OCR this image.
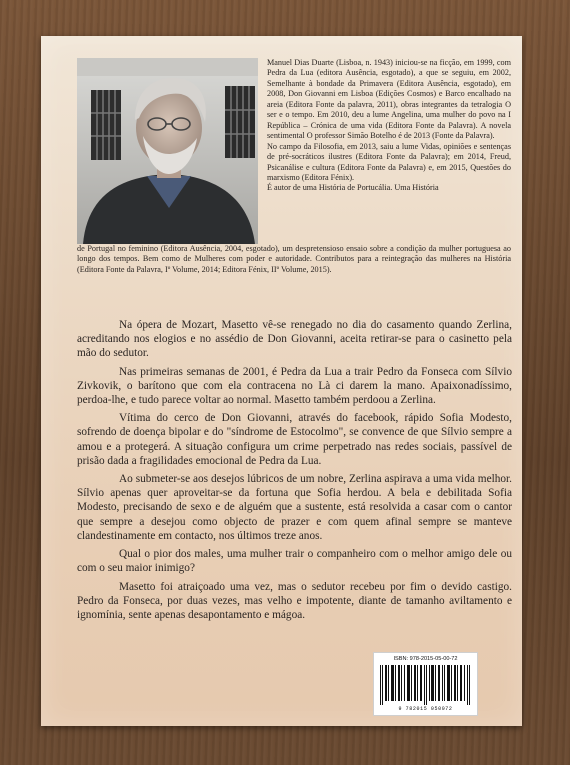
Manuel Dias Duarte (Lisboa, n. 1943) iniciou-se na ficção, em 1999, com Pedra da Lua (editora Ausência, esgotado), a que se seguiu, em 2002, Semelhante à bondade da Primavera (Editora Ausência, esgotado), em 2008, Don Giovanni em Lisboa (Edições Cosmos) e Barco encalhado na areia (Editora Fonte da palavra, 2011), obras integrantes da tetralogia O ser e o tempo. Em 2010, deu a lume Angelina, uma mulher do povo na I República – Crónica de uma vida (Editora Fonte da Palavra). A novela sentimental O professor Simão Botelho é de 2013 (Fonte da Palavra).

No campo da Filosofia, em 2013, saiu a lume Vidas, opiniões e sentenças de pré-socráticos ilustres (Editora Fonte da Palavra); em 2014, Freud, Psicanálise e cultura (Editora Fonte da Palavra) e, em 2015, Questões do marxismo (Editora Fénix).

É autor de uma História de Portucália. Uma História

de Portugal no feminino (Editora Ausência, 2004, esgotado), um despretensioso ensaio sobre a condição da mulher portuguesa ao longo dos tempos. Bem como de Mulheres com poder e autoridade. Contributos para a reintegração das mulheres na História (Editora Fonte da Palavra, Iº Volume, 2014; Editora Fénix, IIº Volume, 2015).

Na ópera de Mozart, Masetto vê-se renegado no dia do casamento quando Zerlina, acreditando nos elogios e no assédio de Don Giovanni, aceita retirar-se para o casinetto pela mão do sedutor.

Nas primeiras semanas de 2001, é Pedra da Lua a trair Pedro da Fonseca com Sílvio Zivkovik, o barítono que com ela contracena no Là ci darem la mano. Apaixonadíssimo, perdoa-lhe, e tudo parece voltar ao normal. Masetto também perdoou a Zerlina.

Vítima do cerco de Don Giovanni, através do facebook, rápido Sofia Modesto, sofrendo de doença bipolar e do "síndrome de Estocolmo", se convence de que Sílvio sempre a amou e a protegerá. A situação configura um crime perpetrado nas redes sociais, passível de prisão dada a fragilidades emocional de Pedra da Lua.

Ao submeter-se aos desejos lúbricos de um nobre, Zerlina aspirava a uma vida melhor. Sílvio apenas quer aproveitar-se da fortuna que Sofia herdou. A bela e debilitada Sofia Modesto, precisando de sexo e de alguém que a sustente, está resolvida a casar com o cantor que sempre a desejou como objecto de prazer e com quem afinal sempre se manteve clandestinamente em contacto, nos últimos treze anos.

Qual o pior dos males, uma mulher trair o companheiro com o melhor amigo dele ou com o seu maior inimigo?

Masetto foi atraiçoado uma vez, mas o sedutor recebeu por fim o devido castigo. Pedro da Fonseca, por duas vezes, mas velho e impotente, diante de tamanho aviltamento e ignomínia, sente apenas desapontamento e mágoa.

ISBN: 978-2015-05-00-72
9 782015 050072
